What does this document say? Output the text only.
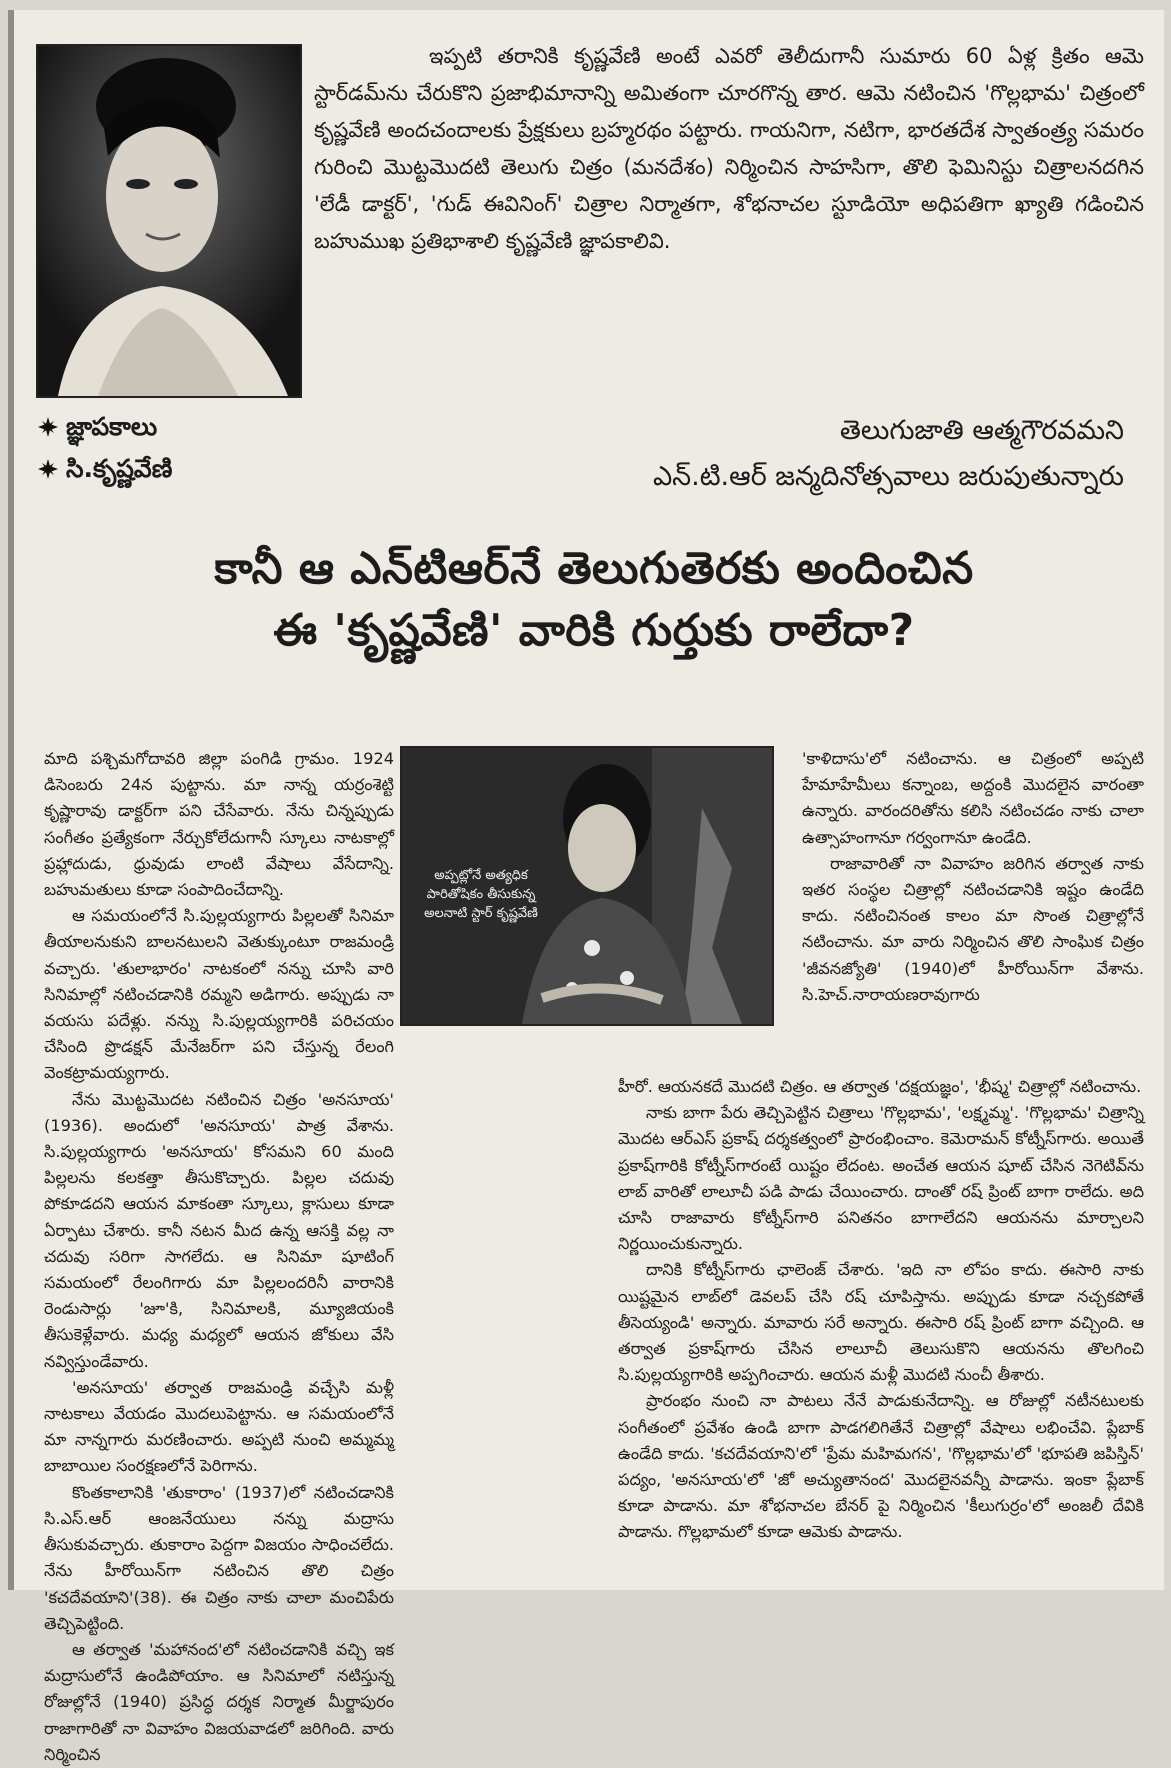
ఇప్పటి తరానికి కృష్ణవేణి అంటే ఎవరో తెలీదుగానీ సుమారు 60 ఏళ్ల క్రితం ఆమె స్టార్‌డమ్‌ను చేరుకొని ప్రజాభిమానాన్ని అమితంగా చూరగొన్న తార. ఆమె నటించిన 'గొల్లభామ' చిత్రంలో కృష్ణవేణి అందచందాలకు ప్రేక్షకులు బ్రహ్మరథం పట్టారు. గాయనిగా, నటిగా, భారతదేశ స్వాతంత్ర్య సమరం గురించి మొట్టమొదటి తెలుగు చిత్రం (మనదేశం) నిర్మించిన సాహసిగా, తొలి ఫెమినిస్టు చిత్రాలనదగిన 'లేడీ డాక్టర్', 'గుడ్ ఈవినింగ్' చిత్రాల నిర్మాతగా, శోభనాచల స్టూడియో అధిపతిగా ఖ్యాతి గడించిన బహుముఖ ప్రతిభాశాలి కృష్ణవేణి జ్ఞాపకాలివి.
జ్ఞాపకాలు
సి.కృష్ణవేణి
తెలుగుజాతి ఆత్మగౌరవమని
ఎన్.టి.ఆర్ జన్మదినోత్సవాలు జరుపుతున్నారు
కానీ ఆ ఎన్‌టిఆర్‌నే తెలుగుతెరకు అందించిన
ఈ 'కృష్ణవేణి' వారికి గుర్తుకు రాలేదా?

మాది పశ్చిమగోదావరి జిల్లా పంగిడి గ్రామం. 1924 డిసెంబరు 24న పుట్టాను. మా నాన్న యర్రంశెట్టి కృష్ణారావు డాక్టర్‌గా పని చేసేవారు. నేను చిన్నప్పుడు సంగీతం ప్రత్యేకంగా నేర్చుకోలేదుగానీ స్కూలు నాటకాల్లో ప్రహ్లాదుడు, ధ్రువుడు లాంటి వేషాలు వేసేదాన్ని. బహుమతులు కూడా సంపాదించేదాన్ని.

ఆ సమయంలోనే సి.పుల్లయ్యగారు పిల్లలతో సినిమా తీయాలనుకుని బాలనటులని వెతుక్కుంటూ రాజమండ్రి వచ్చారు. 'తులాభారం' నాటకంలో నన్ను చూసి వారి సినిమాల్లో నటించడానికి రమ్మని అడిగారు. అప్పుడు నా వయసు పదేళ్లు. నన్ను సి.పుల్లయ్యగారికి పరిచయం చేసింది ప్రొడక్షన్ మేనేజర్‌గా పని చేస్తున్న రేలంగి వెంకట్రామయ్యగారు.

నేను మొట్టమొదట నటించిన చిత్రం 'అనసూయ' (1936). అందులో 'అనసూయ' పాత్ర వేశాను. సి.పుల్లయ్యగారు 'అనసూయ' కోసమని 60 మంది పిల్లలను కలకత్తా తీసుకొచ్చారు. పిల్లల చదువు పోకూడదని ఆయన మాకంతా స్కూలు, క్లాసులు కూడా ఏర్పాటు చేశారు. కానీ నటన మీద ఉన్న ఆసక్తి వల్ల నా చదువు సరిగా సాగలేదు. ఆ సినిమా షూటింగ్ సమయంలో రేలంగిగారు మా పిల్లలందరినీ వారానికి రెండుసార్లు 'జూ'కి, సినిమాలకి, మ్యూజియంకి తీసుకెళ్లేవారు. మధ్య మధ్యలో ఆయన జోకులు వేసి నవ్విస్తుండేవారు.

'అనసూయ' తర్వాత రాజమండ్రి వచ్చేసి మళ్లీ నాటకాలు వేయడం మొదలుపెట్టాను. ఆ సమయంలోనే మా నాన్నగారు మరణించారు. అప్పటి నుంచి అమ్మమ్మ బాబాయిల సంరక్షణలోనే పెరిగాను.

కొంతకాలానికి 'తుకారాం' (1937)లో నటించడానికి సి.ఎస్.ఆర్ ఆంజనేయులు నన్ను మద్రాసు తీసుకువచ్చారు. తుకారాం పెద్దగా విజయం సాధించలేదు. నేను హీరోయిన్‌గా నటించిన తొలి చిత్రం 'కచదేవయాని'(38). ఈ చిత్రం నాకు చాలా మంచిపేరు తెచ్చిపెట్టింది.

ఆ తర్వాత 'మహానంద'లో నటించడానికి వచ్చి ఇక మద్రాసులోనే ఉండిపోయాం. ఆ సినిమాలో నటిస్తున్న రోజుల్లోనే (1940) ప్రసిద్ధ దర్శక నిర్మాత మీర్జాపురం రాజాగారితో నా వివాహం విజయవాడలో జరిగింది. వారు నిర్మించిన

అప్పట్లోనే అత్యధిక పారితోషికం తీసుకున్న అలనాటి స్టార్ కృష్ణవేణి

'కాళిదాసు'లో నటించాను. ఆ చిత్రంలో అప్పటి హేమాహేమీలు కన్నాంబ, అద్దంకి మొదలైన వారంతా ఉన్నారు. వారందరితోను కలిసి నటించడం నాకు చాలా ఉత్సాహంగానూ గర్వంగానూ ఉండేది.

రాజావారితో నా వివాహం జరిగిన తర్వాత నాకు ఇతర సంస్థల చిత్రాల్లో నటించడానికి ఇష్టం ఉండేది కాదు. నటించినంత కాలం మా సొంత చిత్రాల్లోనే నటించాను. మా వారు నిర్మించిన తొలి సాంఘిక చిత్రం 'జీవనజ్యోతి' (1940)లో హీరోయిన్‌గా వేశాను. సి.హెచ్.నారాయణరావుగారు

హీరో. ఆయనకదే మొదటి చిత్రం. ఆ తర్వాత 'దక్షయజ్ఞం', 'భీష్మ' చిత్రాల్లో నటించాను.

నాకు బాగా పేరు తెచ్చిపెట్టిన చిత్రాలు 'గొల్లభామ', 'లక్ష్మమ్మ'. 'గొల్లభామ' చిత్రాన్ని మొదట ఆర్ఎస్ ప్రకాష్ దర్శకత్వంలో ప్రారంభించాం. కెమెరామన్ కోట్నీస్‌గారు. అయితే ప్రకాష్‌గారికి కోట్నీస్‌గారంటే యిష్టం లేదంట. అంచేత ఆయన షూట్ చేసిన నెగెటివ్‌ను లాబ్ వారితో లాలూచీ పడి పాడు చేయించారు. దాంతో రష్ ప్రింట్ బాగా రాలేదు. అది చూసి రాజావారు కోట్నీస్‌గారి పనితనం బాగాలేదని ఆయనను మార్చాలని నిర్ణయించుకున్నారు.

దానికి కోట్నీస్‌గారు ఛాలెంజ్ చేశారు. 'ఇది నా లోపం కాదు. ఈసారి నాకు యిష్టమైన లాబ్‌లో డెవలప్ చేసి రష్ చూపిస్తాను. అప్పుడు కూడా నచ్చకపోతే తీసెయ్యండి' అన్నారు. మావారు సరే అన్నారు. ఈసారి రష్ ప్రింట్ బాగా వచ్చింది. ఆ తర్వాత ప్రకాష్‌గారు చేసిన లాలూచీ తెలుసుకొని ఆయనను తొలగించి సి.పుల్లయ్యగారికి అప్పగించారు. ఆయన మళ్లీ మొదటి నుంచీ తీశారు.

ప్రారంభం నుంచి నా పాటలు నేనే పాడుకునేదాన్ని. ఆ రోజుల్లో నటీనటులకు సంగీతంలో ప్రవేశం ఉండి బాగా పాడగలిగితేనే చిత్రాల్లో వేషాలు లభించేవి. ప్లేబాక్ ఉండేది కాదు. 'కచదేవయాని'లో 'ప్రేమ మహిమగన', 'గొల్లభామ'లో 'భూపతి జపిస్తిన్' పద్యం, 'అనసూయ'లో 'జో అచ్యుతానంద' మొదలైనవన్నీ పాడాను. ఇంకా ప్లేబాక్ కూడా పాడాను. మా శోభనాచల బేనర్ పై నిర్మించిన 'కీలుగుర్రం'లో అంజలీ దేవికి పాడాను. గొల్లభామలో కూడా ఆమెకు పాడాను.
